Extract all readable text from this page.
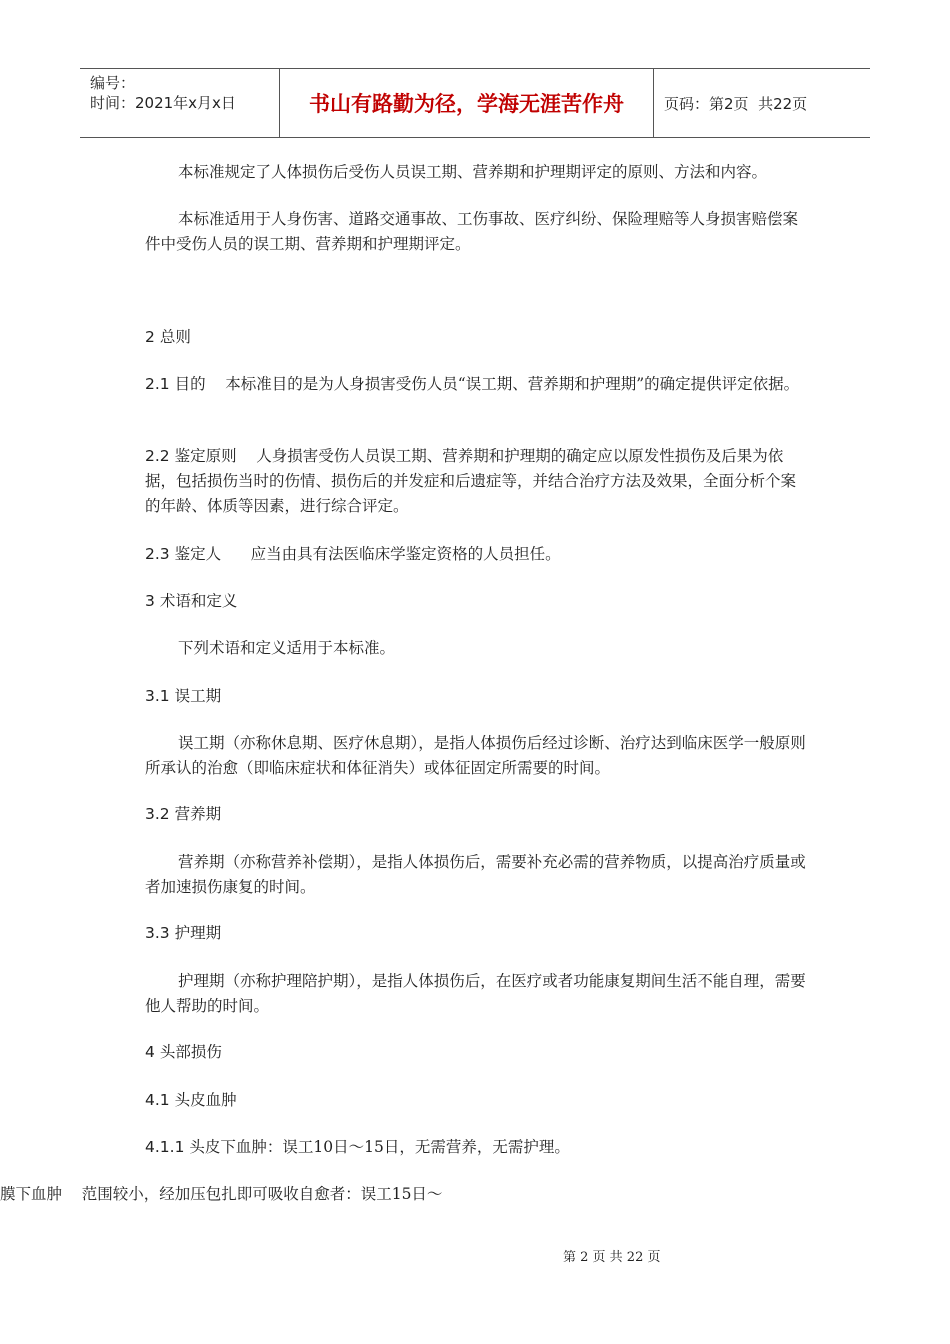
编号：
时间：2021年x月x日	书山有路勤为径，学海无涯苦作舟	页码：第2页  共22页
本标准规定了人体损伤后受伤人员误工期、营养期和护理期评定的原则、方法和内容。
本标准适用于人身伤害、道路交通事故、工伤事故、医疗纠纷、保险理赔等人身损害赔偿案件中受伤人员的误工期、营养期和护理期评定。
2 总则
2.1 目的    本标准目的是为人身损害受伤人员“误工期、营养期和护理期”的确定提供评定依据。
2.2 鉴定原则    人身损害受伤人员误工期、营养期和护理期的确定应以原发性损伤及后果为依据，包括损伤当时的伤情、损伤后的并发症和后遗症等，并结合治疗方法及效果，全面分析个案的年龄、体质等因素，进行综合评定。
2.3 鉴定人      应当由具有法医临床学鉴定资格的人员担任。
3 术语和定义
下列术语和定义适用于本标准。
3.1 误工期
误工期（亦称休息期、医疗休息期），是指人体损伤后经过诊断、治疗达到临床医学一般原则所承认的治愈（即临床症状和体征消失）或体征固定所需要的时间。
3.2 营养期
营养期（亦称营养补偿期），是指人体损伤后，需要补充必需的营养物质，以提高治疗质量或者加速损伤康复的时间。
3.3 护理期
护理期（亦称护理陪护期），是指人体损伤后，在医疗或者功能康复期间生活不能自理，需要他人帮助的时间。
4 头部损伤
4.1 头皮血肿
4.1.1 头皮下血肿：误工10日～15日，无需营养，无需护理。
膜下血肿    范围较小，经加压包扎即可吸收自愈者：误工15日～
第 2 页 共 22 页
